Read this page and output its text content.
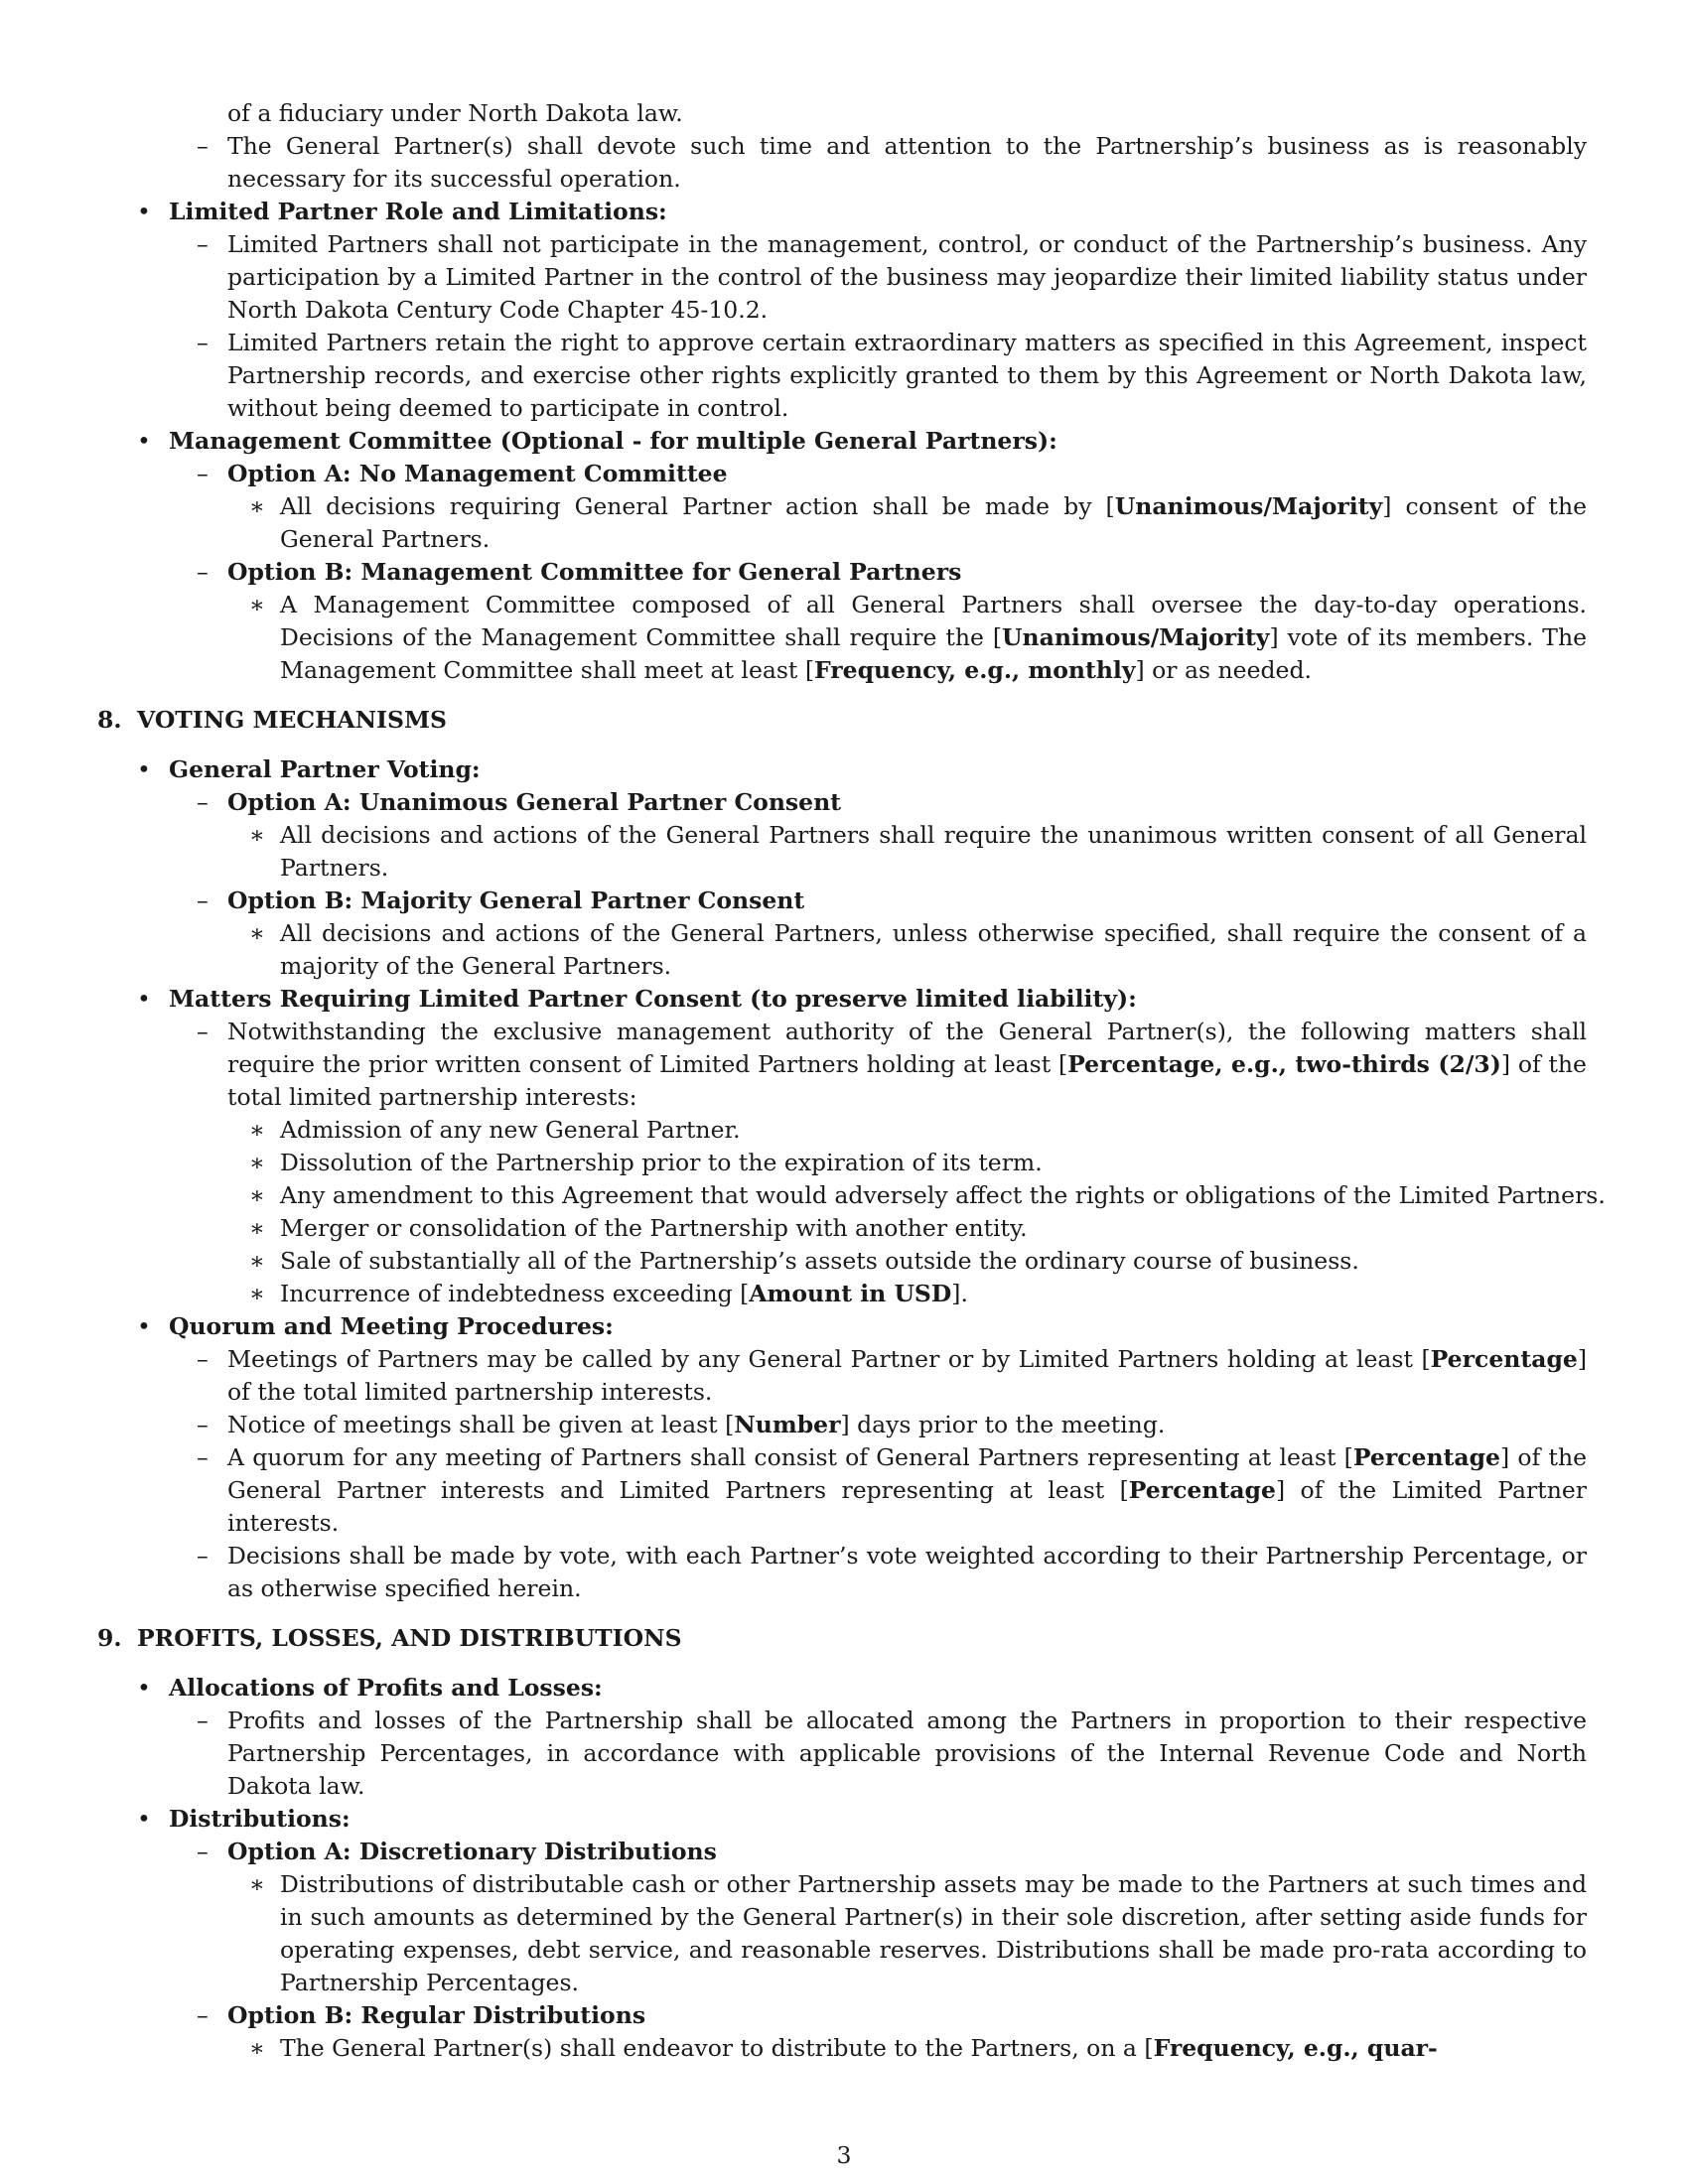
of a fiduciary under North Dakota law.

– The General Partner(s) shall devote such time and attention to the Partnership’s business as is reasonably necessary for its successful operation.

• Limited Partner Role and Limitations:

– Limited Partners shall not participate in the management, control, or conduct of the Partnership’s business. Any participation by a Limited Partner in the control of the business may jeopardize their limited liability status under North Dakota Century Code Chapter 45-10.2.

– Limited Partners retain the right to approve certain extraordinary matters as specified in this Agreement, inspect Partnership records, and exercise other rights explicitly granted to them by this Agreement or North Dakota law, without being deemed to participate in control.

• Management Committee (Optional - for multiple General Partners):

– Option A: No Management Committee

∗ All decisions requiring General Partner action shall be made by [Unanimous/Majority] consent of the General Partners.

– Option B: Management Committee for General Partners

∗ A Management Committee composed of all General Partners shall oversee the day-to-day operations. Decisions of the Management Committee shall require the [Unanimous/Majority] vote of its members. The Management Committee shall meet at least [Frequency, e.g., monthly] or as needed.

8. VOTING MECHANISMS

• General Partner Voting:

– Option A: Unanimous General Partner Consent

∗ All decisions and actions of the General Partners shall require the unanimous written consent of all General Partners.

– Option B: Majority General Partner Consent

∗ All decisions and actions of the General Partners, unless otherwise specified, shall require the consent of a majority of the General Partners.

• Matters Requiring Limited Partner Consent (to preserve limited liability):

– Notwithstanding the exclusive management authority of the General Partner(s), the following matters shall require the prior written consent of Limited Partners holding at least [Percentage, e.g., two-thirds (2/3)] of the total limited partnership interests:

∗ Admission of any new General Partner.

∗ Dissolution of the Partnership prior to the expiration of its term.

∗ Any amendment to this Agreement that would adversely affect the rights or obligations of the Limited Partners.

∗ Merger or consolidation of the Partnership with another entity.

∗ Sale of substantially all of the Partnership’s assets outside the ordinary course of business.

∗ Incurrence of indebtedness exceeding [Amount in USD].

• Quorum and Meeting Procedures:

– Meetings of Partners may be called by any General Partner or by Limited Partners holding at least [Percentage] of the total limited partnership interests.

– Notice of meetings shall be given at least [Number] days prior to the meeting.

– A quorum for any meeting of Partners shall consist of General Partners representing at least [Percentage] of the General Partner interests and Limited Partners representing at least [Percentage] of the Limited Partner interests.

– Decisions shall be made by vote, with each Partner’s vote weighted according to their Partnership Percentage, or as otherwise specified herein.

9. PROFITS, LOSSES, AND DISTRIBUTIONS

• Allocations of Profits and Losses:

– Profits and losses of the Partnership shall be allocated among the Partners in proportion to their respective Partnership Percentages, in accordance with applicable provisions of the Internal Revenue Code and North Dakota law.

• Distributions:

– Option A: Discretionary Distributions

∗ Distributions of distributable cash or other Partnership assets may be made to the Partners at such times and in such amounts as determined by the General Partner(s) in their sole discretion, after setting aside funds for operating expenses, debt service, and reasonable reserves. Distributions shall be made pro-rata according to Partnership Percentages.

– Option B: Regular Distributions

∗ The General Partner(s) shall endeavor to distribute to the Partners, on a [Frequency, e.g., quar-

3
